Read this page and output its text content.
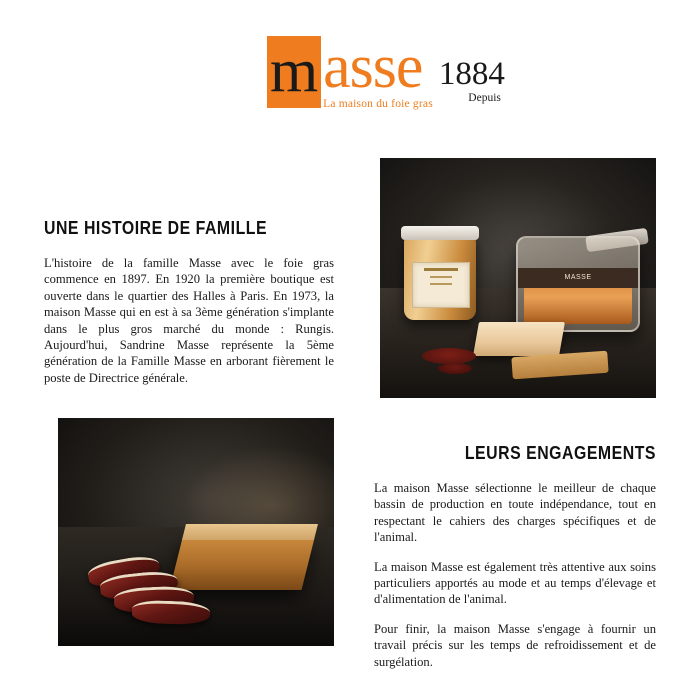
m asse
La maison du foie gras
1884
Depuis
UNE HISTOIRE DE FAMILLE

L'histoire de la famille Masse avec le foie gras commence en 1897. En 1920 la première boutique est ouverte dans le quartier des Halles à Paris. En 1973, la maison Masse qui en est à sa 3ème génération s'implante dans le plus gros marché du monde : Rungis. Aujourd'hui, Sandrine Masse représente la 5ème génération de la Famille Masse en arborant fièrement le poste de Directrice générale.

MASSE
LEURS ENGAGEMENTS

La maison Masse sélectionne le meilleur de chaque bassin de production en toute indépendance, tout en respectant le cahiers des charges spécifiques et de l'animal.

La maison Masse est également très attentive aux soins particuliers apportés au mode et au temps d'élevage et d'alimentation de l'animal.

Pour finir, la maison Masse s'engage à fournir un travail précis sur les temps de refroidissement et de surgélation.
